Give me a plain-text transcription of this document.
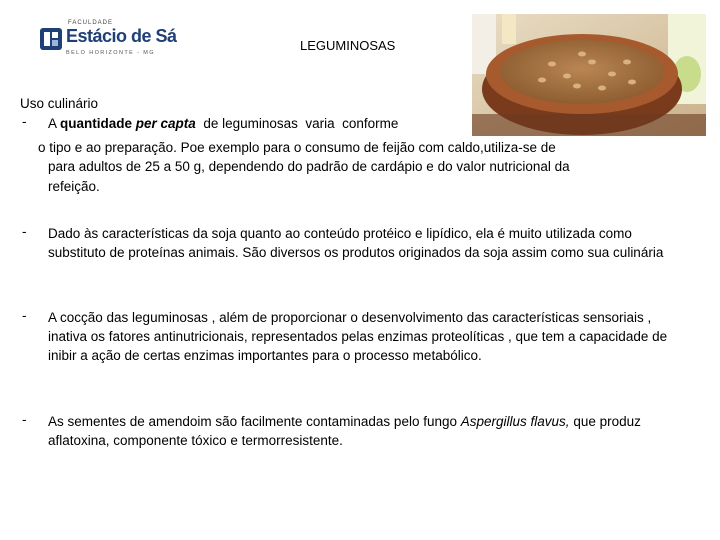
FACULDADE
Estácio de Sá
BELO HORIZONTE - MG	LEGUMINOSAS
Uso culinário
- A quantidade per capta  de leguminosas  varia  conforme
o tipo e ao preparação. Poe exemplo para o consumo de feijão com caldo,utiliza-se de
para adultos de 25 a 50 g, dependendo do padrão de cardápio e do valor nutricional da
refeição.
- Dado às características da soja quanto ao conteúdo protéico e lipídico, ela é muito utilizada como substituto de proteínas animais. São diversos os produtos originados da soja assim como sua culinária
- A cocção das leguminosas , além de proporcionar o desenvolvimento das características sensoriais , inativa os fatores antinutricionais, representados pelas enzimas proteolíticas , que tem a capacidade de inibir a ação de certas enzimas importantes para o processo metabólico.
- As sementes de amendoim são facilmente contaminadas pelo fungo Aspergillus flavus, que produz aflatoxina, componente tóxico e termorresistente.
